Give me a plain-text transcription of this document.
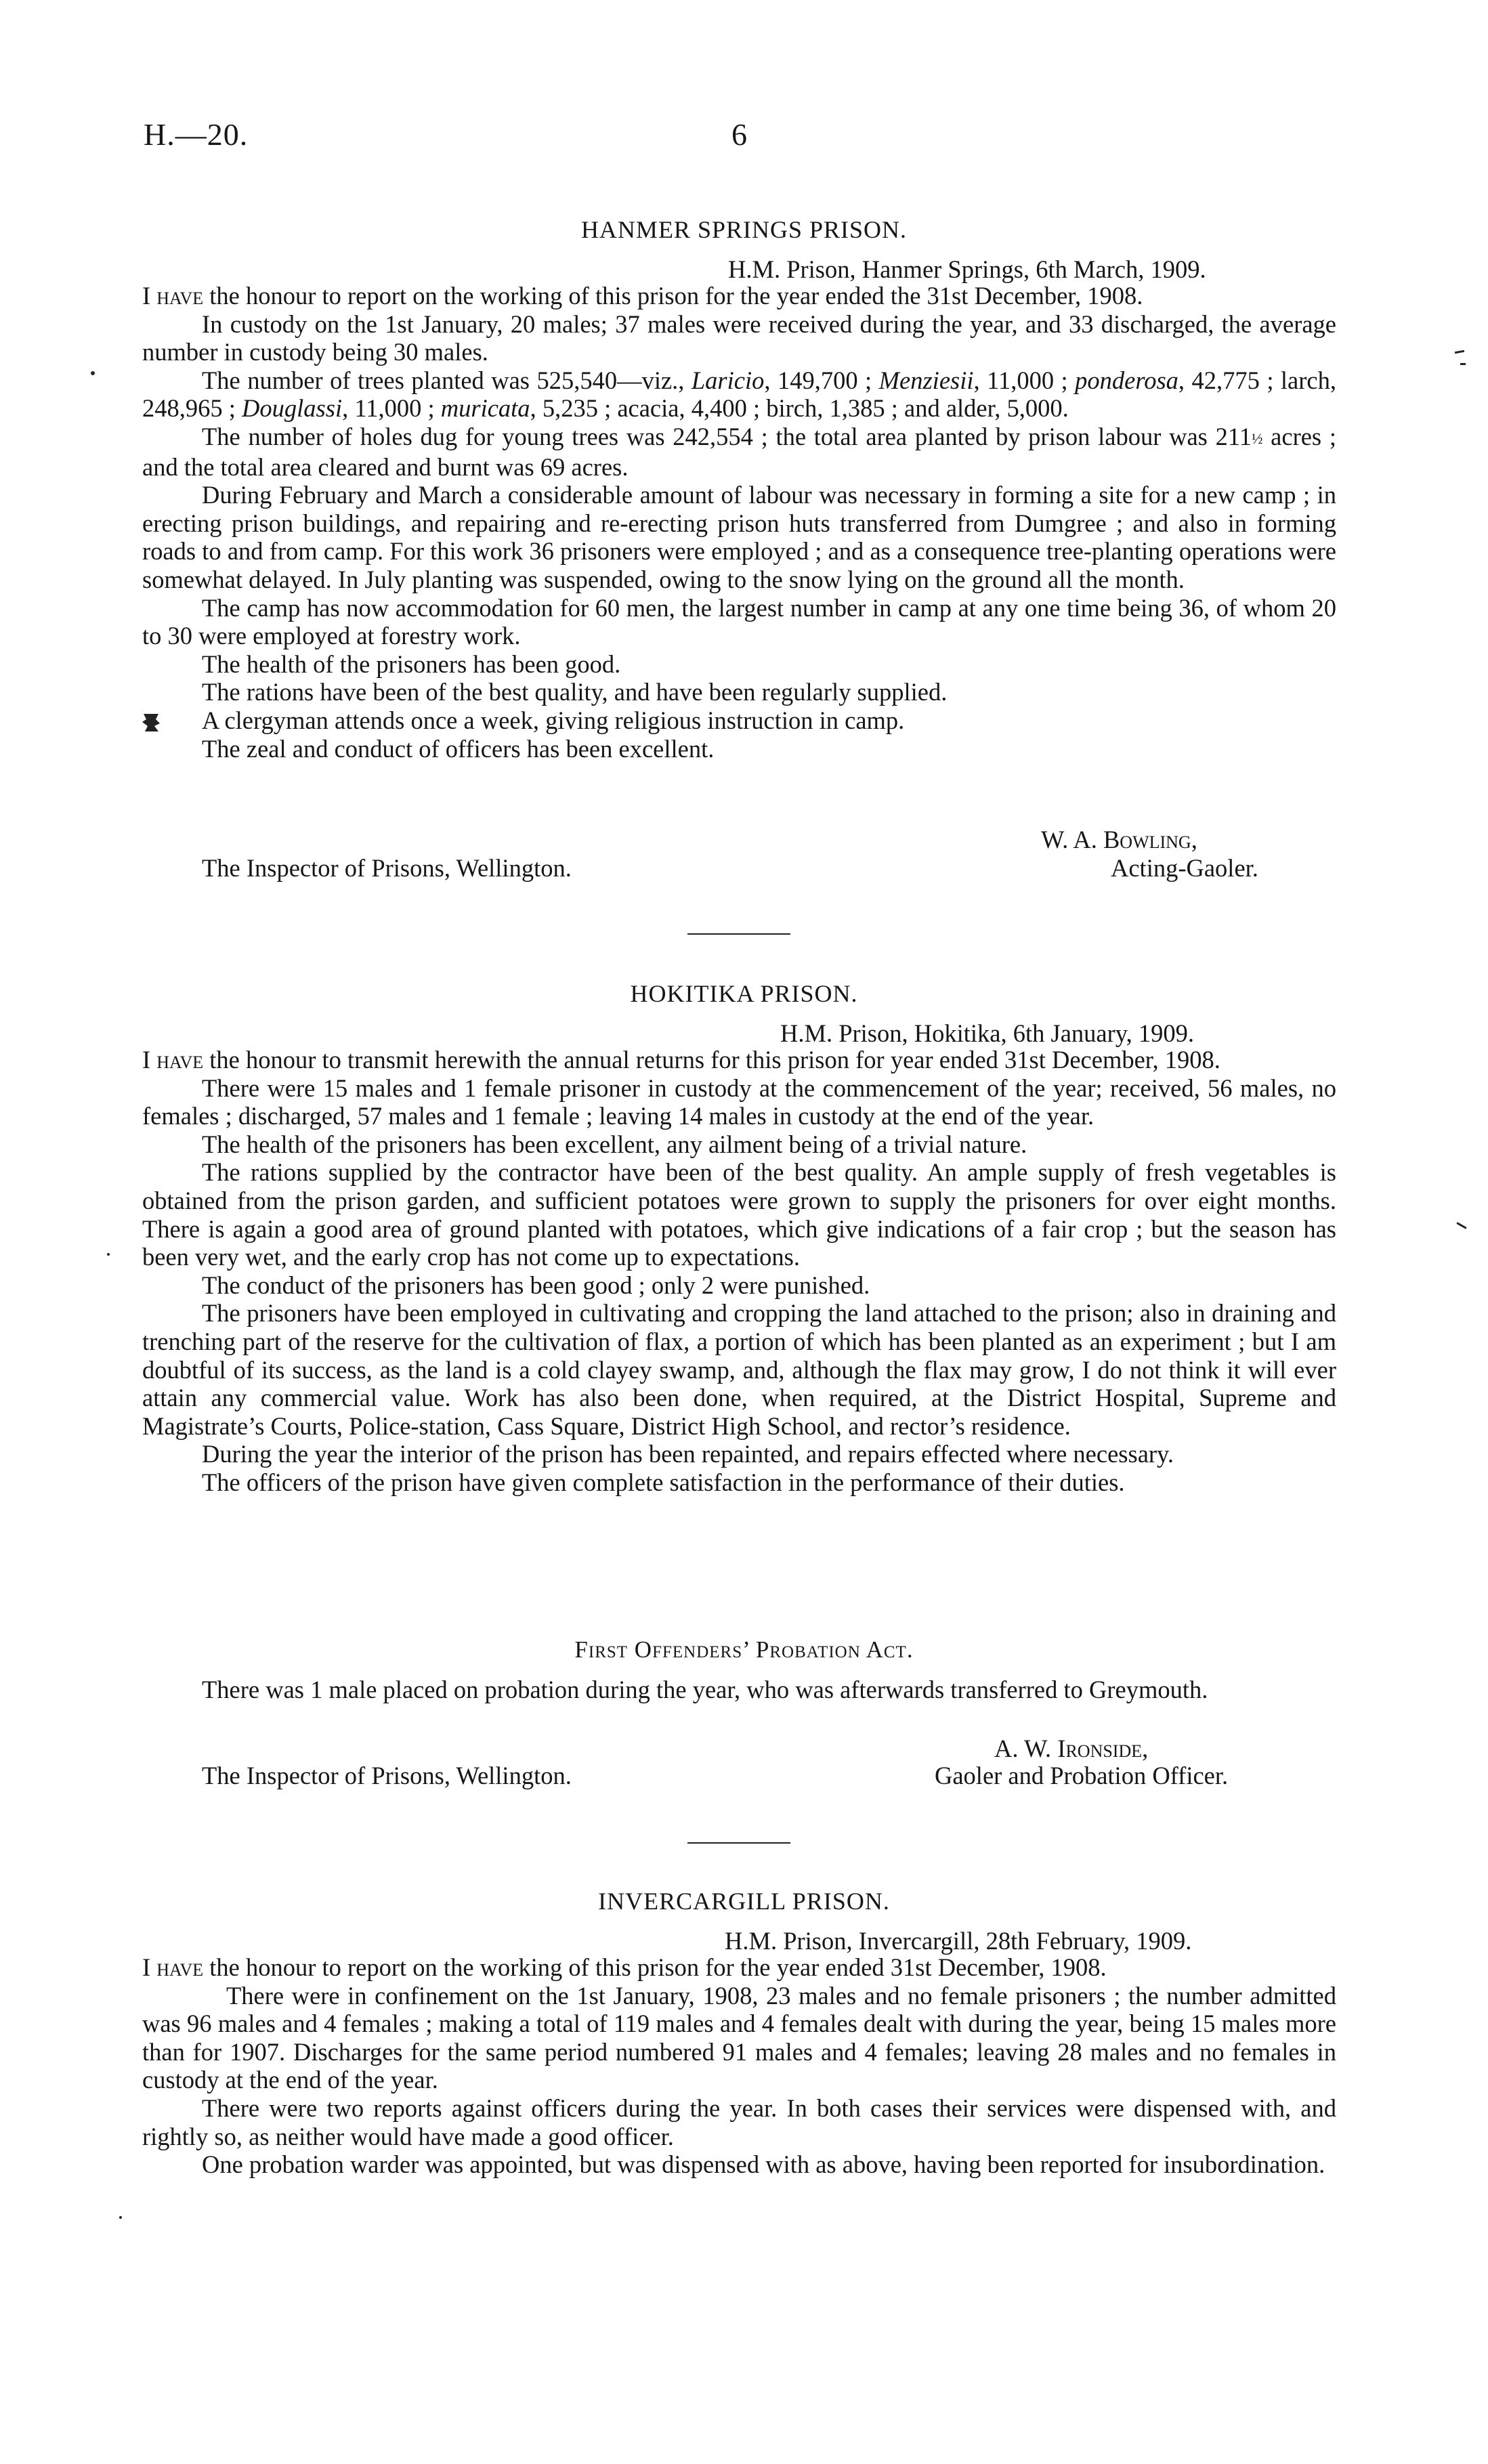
H.—20.	6
HANMER SPRINGS PRISON.
H.M. Prison, Hanmer Springs, 6th March, 1909.

I have the honour to report on the working of this prison for the year ended the 31st December, 1908.

In custody on the 1st January, 20 males; 37 males were received during the year, and 33 discharged, the average number in custody being 30 males.

The number of trees planted was 525,540—viz., Laricio, 149,700 ; Menziesii, 11,000 ; ponderosa, 42,775 ; larch, 248,965 ; Douglassi, 11,000 ; muricata, 5,235 ; acacia, 4,400 ; birch, 1,385 ; and alder, 5,000.

The number of holes dug for young trees was 242,554 ; the total area planted by prison labour was 211½ acres ; and the total area cleared and burnt was 69 acres.

During February and March a considerable amount of labour was necessary in forming a site for a new camp ; in erecting prison buildings, and repairing and re-erecting prison huts transferred from Dumgree ; and also in forming roads to and from camp. For this work 36 prisoners were employed ; and as a consequence tree-planting operations were somewhat delayed. In July planting was suspended, owing to the snow lying on the ground all the month.

The camp has now accommodation for 60 men, the largest number in camp at any one time being 36, of whom 20 to 30 were employed at forestry work.

The health of the prisoners has been good.

The rations have been of the best quality, and have been regularly supplied.

A clergyman attends once a week, giving religious instruction in camp.

The zeal and conduct of officers has been excellent.

W. A. Bowling,
Acting-Gaoler.
The Inspector of Prisons, Wellington.
HOKITIKA PRISON.
H.M. Prison, Hokitika, 6th January, 1909.

I have the honour to transmit herewith the annual returns for this prison for year ended 31st December, 1908.

There were 15 males and 1 female prisoner in custody at the commencement of the year; received, 56 males, no females ; discharged, 57 males and 1 female ; leaving 14 males in custody at the end of the year.

The health of the prisoners has been excellent, any ailment being of a trivial nature.

The rations supplied by the contractor have been of the best quality. An ample supply of fresh vegetables is obtained from the prison garden, and sufficient potatoes were grown to supply the prisoners for over eight months. There is again a good area of ground planted with potatoes, which give indications of a fair crop ; but the season has been very wet, and the early crop has not come up to expectations.

The conduct of the prisoners has been good ; only 2 were punished.

The prisoners have been employed in cultivating and cropping the land attached to the prison; also in draining and trenching part of the reserve for the cultivation of flax, a portion of which has been planted as an experiment ; but I am doubtful of its success, as the land is a cold clayey swamp, and, although the flax may grow, I do not think it will ever attain any commercial value. Work has also been done, when required, at the District Hospital, Supreme and Magistrate’s Courts, Police-station, Cass Square, District High School, and rector’s residence.

During the year the interior of the prison has been repainted, and repairs effected where necessary.

The officers of the prison have given complete satisfaction in the performance of their duties.

First Offenders’ Probation Act.

There was 1 male placed on probation during the year, who was afterwards transferred to Greymouth.

A. W. Ironside,
Gaoler and Probation Officer.
The Inspector of Prisons, Wellington.
INVERCARGILL PRISON.
H.M. Prison, Invercargill, 28th February, 1909.

I have the honour to report on the working of this prison for the year ended 31st December, 1908.

There were in confinement on the 1st January, 1908, 23 males and no female prisoners ; the number admitted was 96 males and 4 females ; making a total of 119 males and 4 females dealt with during the year, being 15 males more than for 1907. Discharges for the same period numbered 91 males and 4 females; leaving 28 males and no females in custody at the end of the year.

There were two reports against officers during the year. In both cases their services were dispensed with, and rightly so, as neither would have made a good officer.

One probation warder was appointed, but was dispensed with as above, having been reported for insubordination.
